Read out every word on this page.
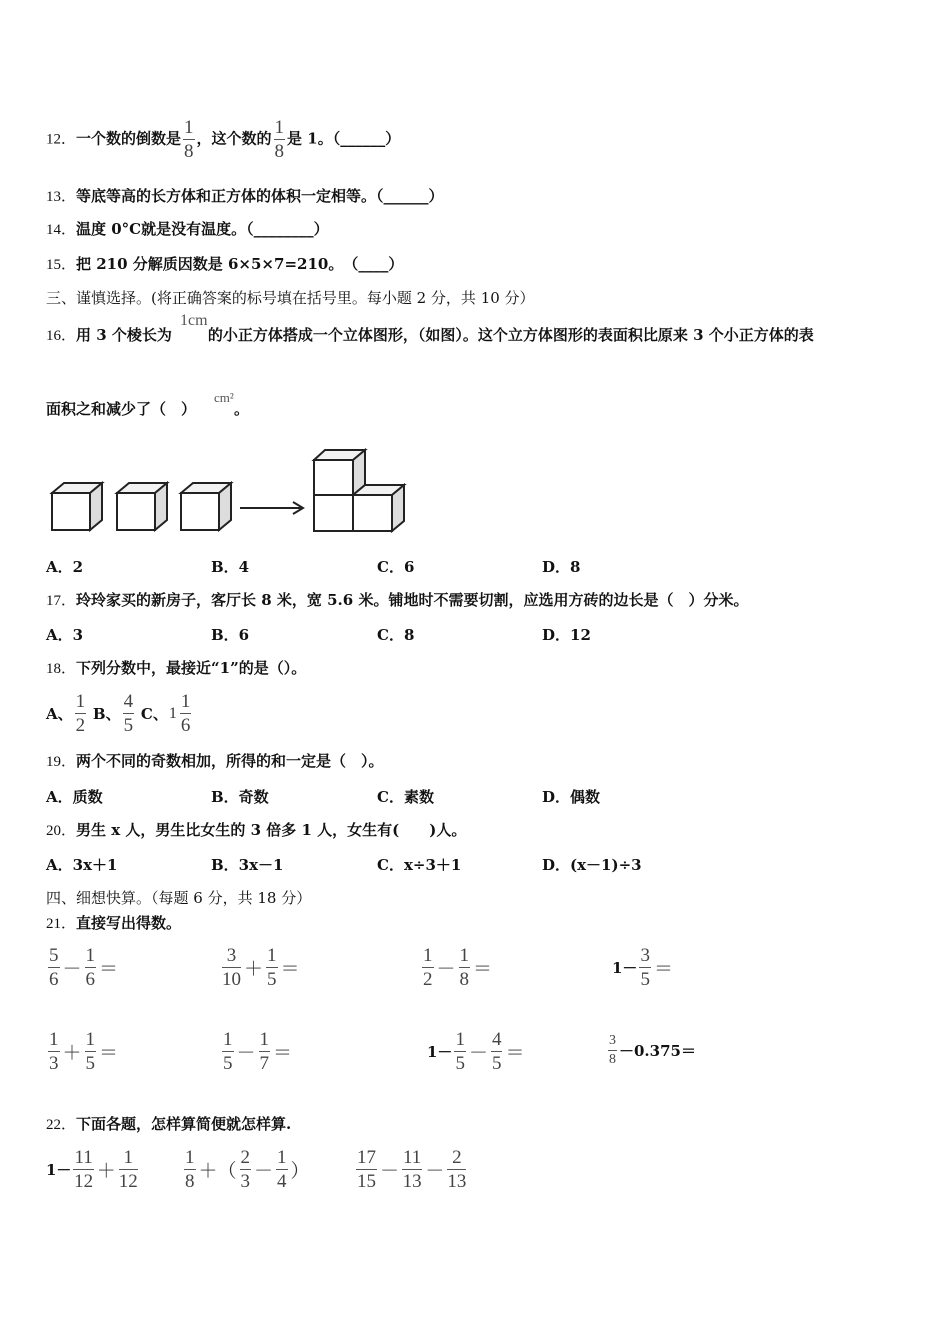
12．一个数的倒数是 $\frac{1}{8}$ ，这个数的 $\frac{1}{8}$ 是 1。（______）
13．等底等高的长方体和正方体的体积一定相等。（______）
14．温度 0°C就是没有温度。（________）
15．把 210 分解质因数是 6×5×7=210。　（____）
三、谨慎选择。(将正确答案的标号填在括号里。每小题 2 分，共 10 分）
16．用 3 个棱长为 的小正方体搭成一个立体图形，（如图）。这个立方体图形的表面积比原来 3 个小正方体的表
1cm
面积之和减少了（　）	。
cm²
A．2	B．4	C．6	D．8
17．玲玲家买的新房子，客厅长 8 米，宽 5.6 米。铺地时不需要切割，应选用方砖的边长是（　）分米。
A．3	B．6	C．8	D．12
18．下列分数中，最接近“1”的是（）。
A、 $\frac{1}{2}$ B、 $\frac{4}{5}$ C、$1 \frac{1}{6}$
19．两个不同的奇数相加，所得的和一定是（　）。
A．质数	B．奇数	C．素数	D．偶数
20．男生 x 人，男生比女生的 3 倍多 1 人，女生有(　　)人。
A．3x＋1	B．3x－1	C．x÷3＋1	D．(x－1)÷3
四、细想快算。（每题 6 分，共 18 分）
21．直接写出得数。
$\frac{5}{6} - \frac{1}{6}$ ＝	$\frac{3}{10} + \frac{1}{5}$ ＝	$\frac{1}{2} - \frac{1}{8}$ ＝	$1- \frac{3}{5}$ ＝
$\frac{1}{3} + \frac{1}{5}$ ＝	$\frac{1}{5} - \frac{1}{7}$ ＝	$1- \frac{1}{5} - \frac{4}{5}$ ＝	$\frac{3}{8} -0.375=$
22．下面各题，怎样算简便就怎样算.
$1- \frac{11}{12} + \frac{1}{12} \frac{1}{8}$ ＋（ $\frac{2}{3} - \frac{1}{4}$ ） $\frac{17}{15} - \frac{11}{13} - \frac{2}{13}$
